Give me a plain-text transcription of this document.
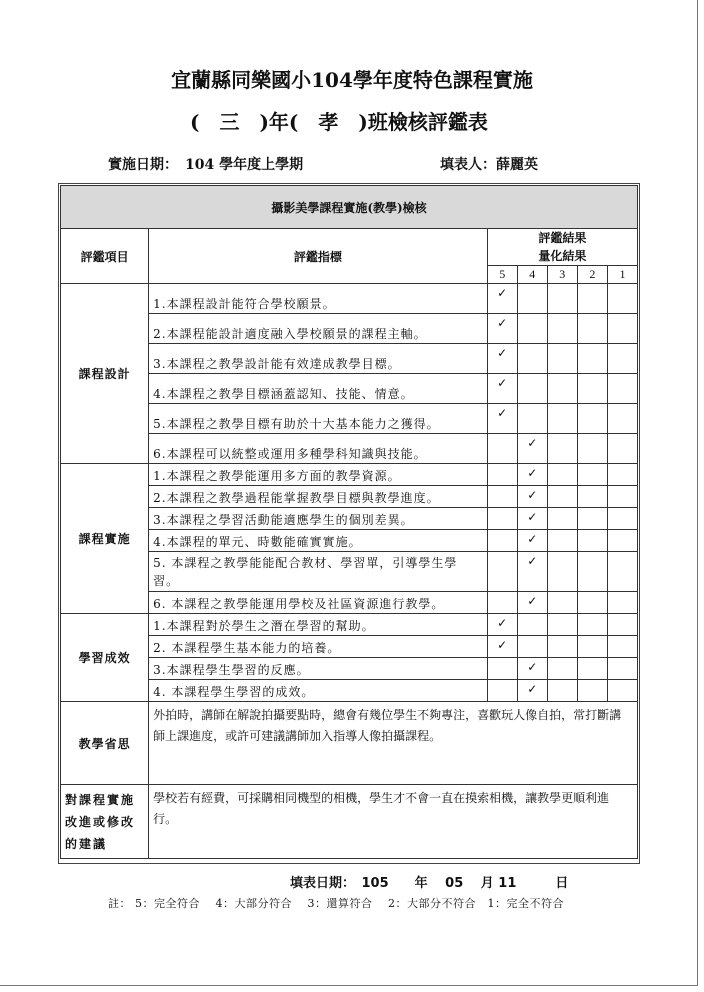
宜蘭縣同樂國小104學年度特色課程實施
(　三　)年(　孝　)班檢核評鑑表
實施日期：　104 學年度上學期	填表人：薛麗英
攝影美學課程實施(教學)檢核						
評鑑項目	評鑑指標	評鑑結果
量化結果				

		5	4	3	2	1
課程設計	1.本課程設計能符合學校願景。	✓				
	2.本課程能設計適度融入學校願景的課程主軸。	✓				
	3.本課程之教學設計能有效達成教學目標。	✓				
	4.本課程之教學目標涵蓋認知、技能、情意。	✓				
	5.本課程之教學目標有助於十大基本能力之獲得。	✓				
	6.本課程可以統整或運用多種學科知識與技能。		✓			
課程實施	1.本課程之教學能運用多方面的教學資源。		✓			
	2.本課程之教學過程能掌握教學目標與教學進度。		✓			
	3.本課程之學習活動能適應學生的個別差異。		✓			
	4.本課程的單元、時數能確實實施。		✓			
	5. 本課程之教學能能配合教材、學習單，引導學生學習。		✓			
	6. 本課程之教學能運用學校及社區資源進行教學。		✓			
學習成效	1.本課程對於學生之潛在學習的幫助。	✓				
	2. 本課程學生基本能力的培養。	✓				
	3.本課程學生學習的反應。		✓			
	4. 本課程學生學習的成效。		✓			
教學省思	外拍時，講師在解說拍攝要點時，總會有幾位學生不夠專注，喜歡玩人像自拍，常打斷講師上課進度，或許可建議講師加入指導人像拍攝課程。					
對課程實施改進或修改的建議	學校若有經費，可採購相同機型的相機，學生才不會一直在摸索相機，讓教學更順利進行。					
填表日期：　105　　年　 05　 月 11　　　日
註： 5：完全符合　 4：大部分符合　 3：還算符合　 2：大部分不符合　1：完全不符合
